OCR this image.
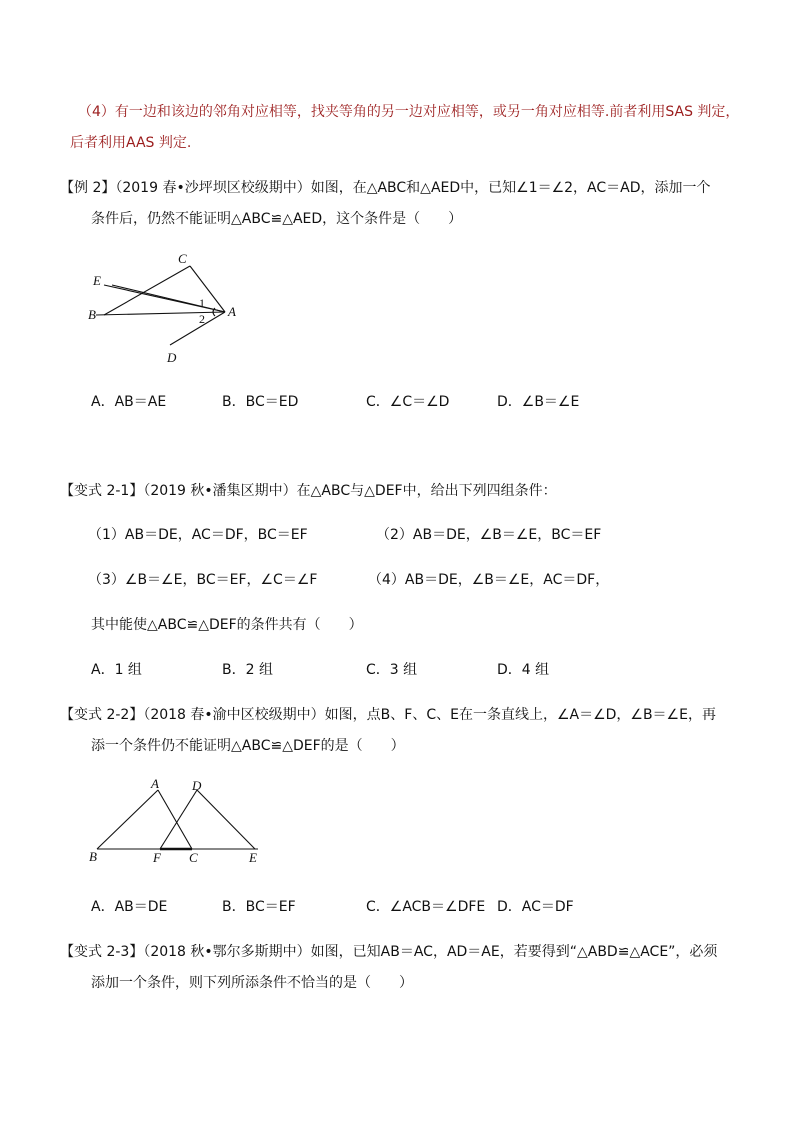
（4）有一边和该边的邻角对应相等，找夹等角的另一边对应相等，或另一角对应相等.前者利用SAS 判定，
后者利用AAS 判定.
【例 2】（2019 春•沙坪坝区校级期中）如图，在△ABC和△AED中，已知∠1＝∠2，AC＝AD，添加一个
条件后，仍然不能证明△ABC≌△AED，这个条件是（　　）
C
E
1
2 A
B
D
A．AB＝AE	B．BC＝ED	C．∠C＝∠D	D．∠B＝∠E
【变式 2-1】（2019 秋•潘集区期中）在△ABC与△DEF中，给出下列四组条件：
（1）AB＝DE，AC＝DF，BC＝EF	（2）AB＝DE，∠B＝∠E，BC＝EF
（3）∠B＝∠E，BC＝EF，∠C＝∠F	（4）AB＝DE，∠B＝∠E，AC＝DF，
其中能使△ABC≌△DEF的条件共有（　　）
A．1 组	B．2 组	C．3 组	D．4 组
【变式 2-2】（2018 春•渝中区校级期中）如图，点B、F、C、E在一条直线上，∠A＝∠D，∠B＝∠E，再
添一个条件仍不能证明△ABC≌△DEF的是（　　）
A	D
B	F C	E
A．AB＝DE	B．BC＝EF	C．∠ACB＝∠DFE D．AC＝DF
【变式 2-3】（2018 秋•鄂尔多斯期中）如图，已知AB＝AC，AD＝AE，若要得到“△ABD≌△ACE”，必须
添加一个条件，则下列所添条件不恰当的是（　　）
